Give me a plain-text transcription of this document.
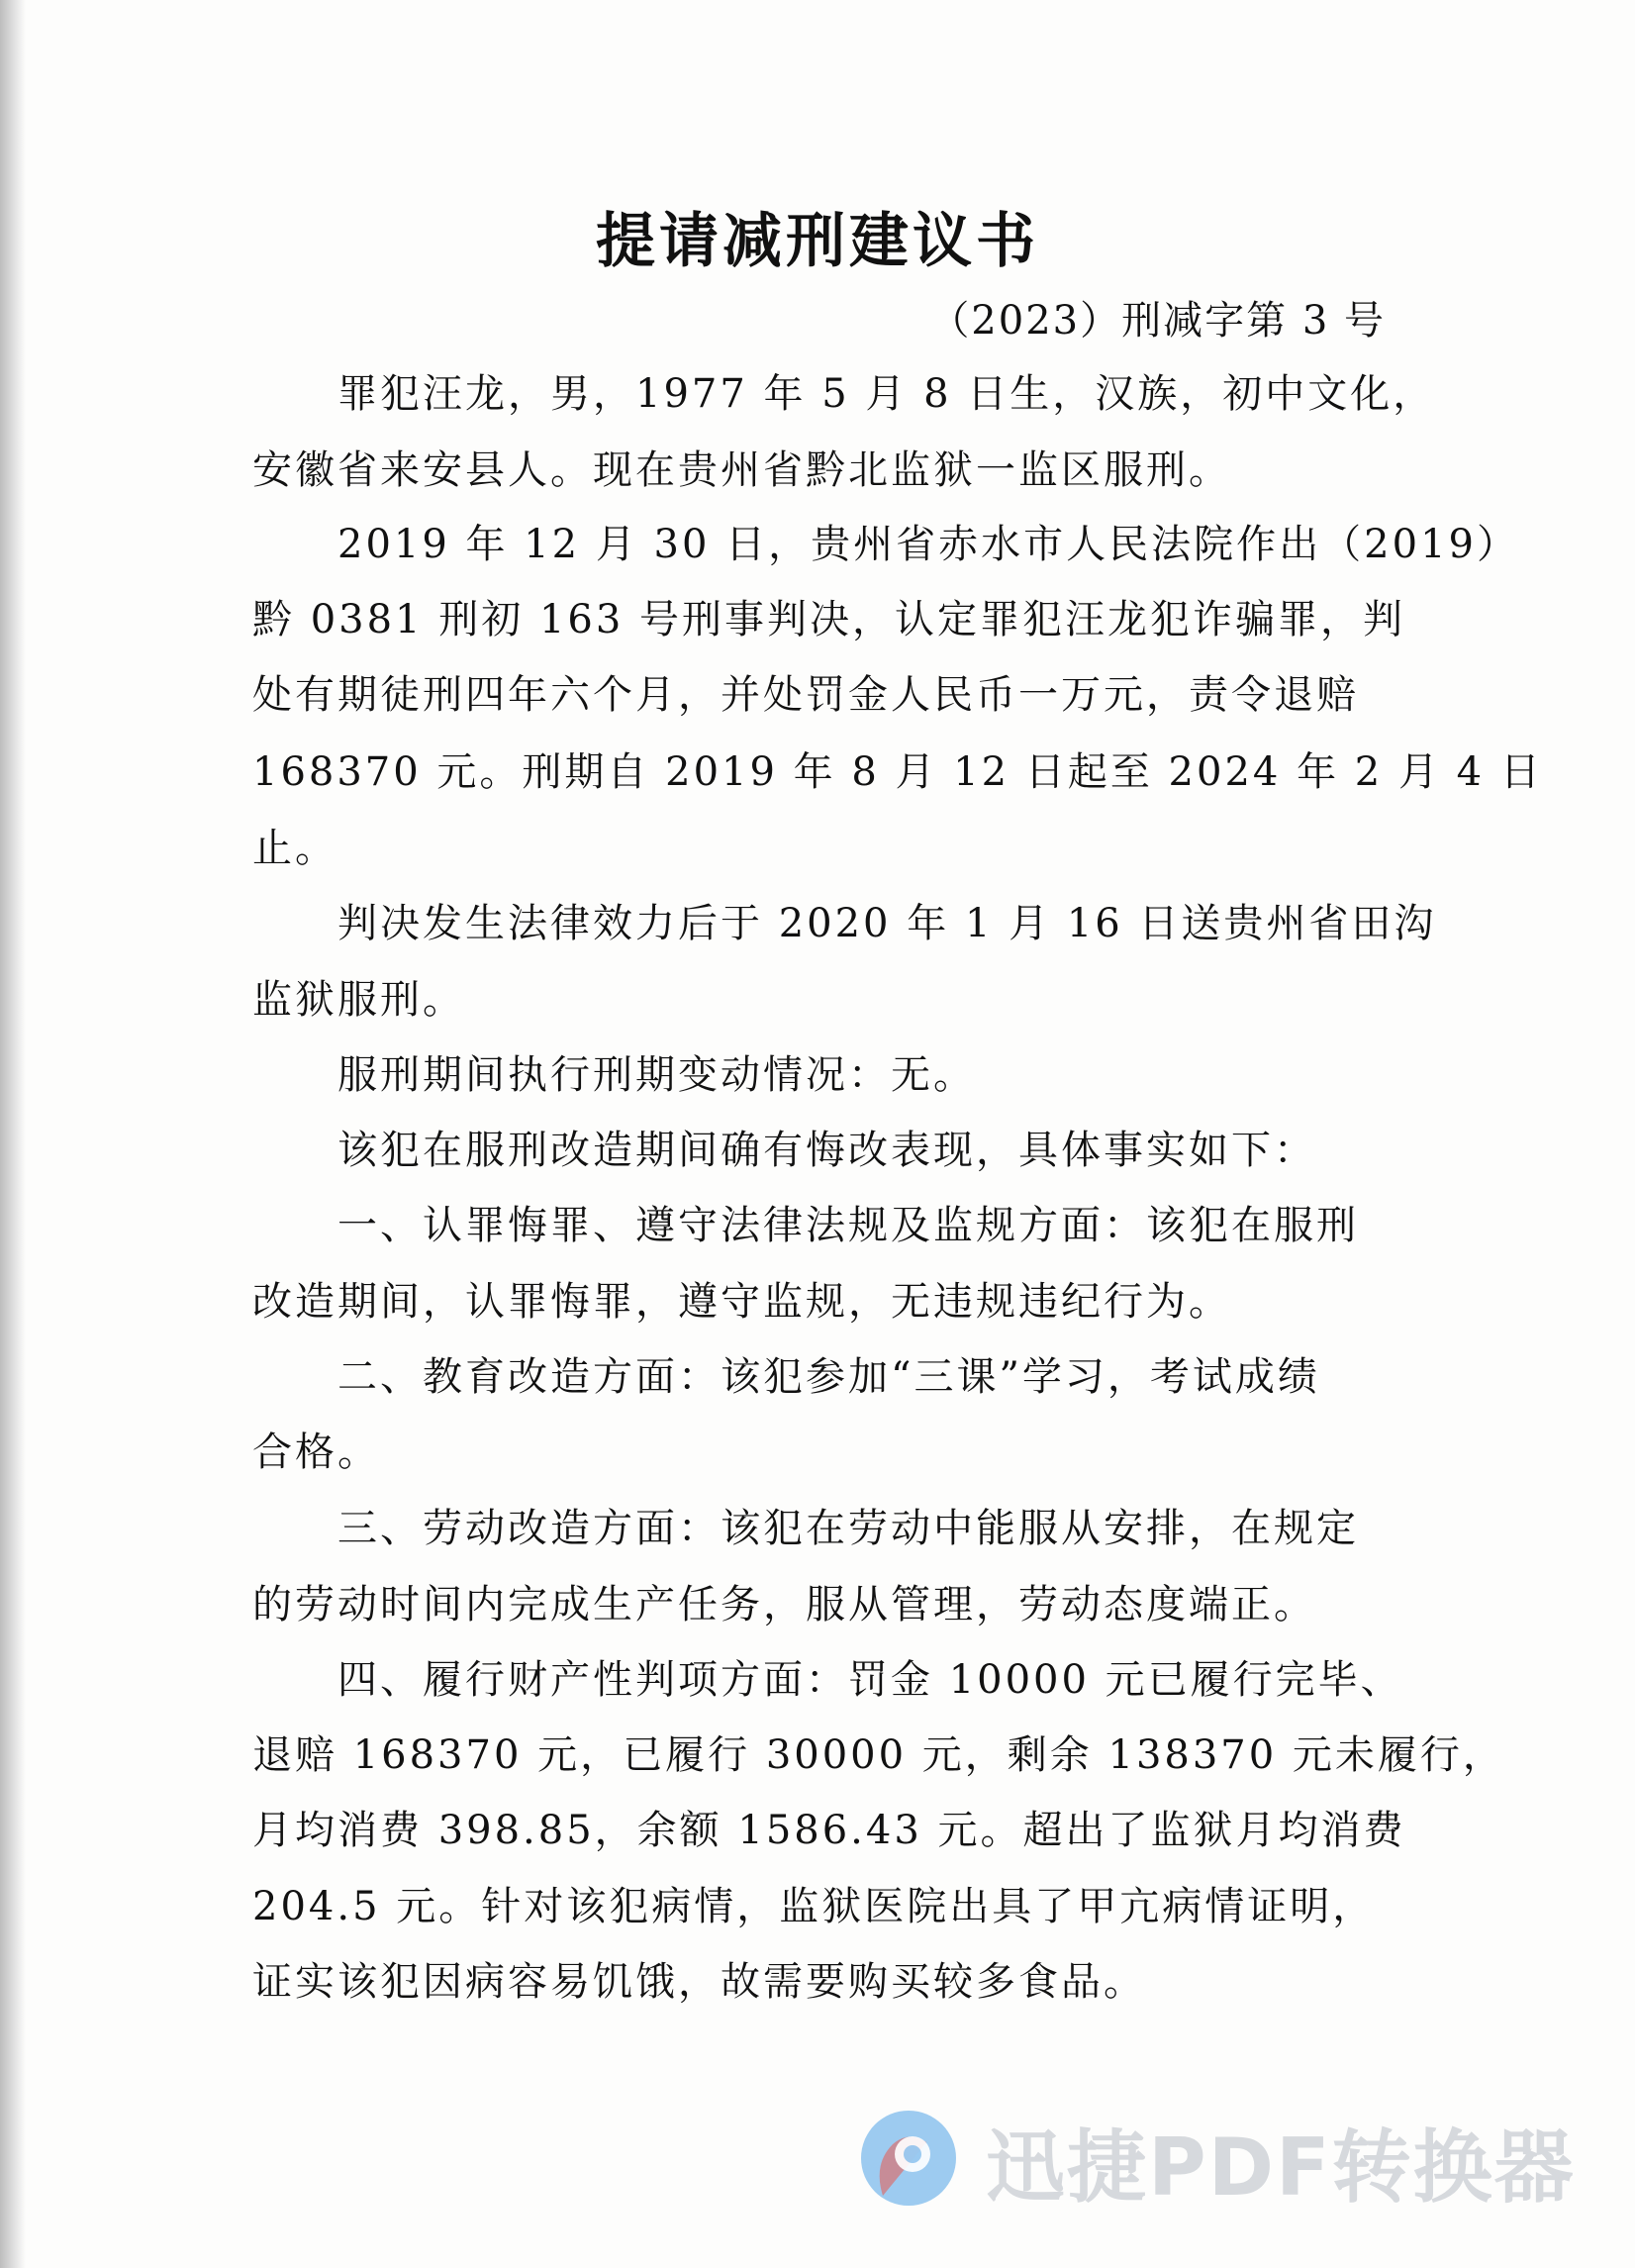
提请减刑建议书
（2023）刑减字第 3 号
罪犯汪龙，男，1977 年 5 月 8 日生，汉族，初中文化，
安徽省来安县人。现在贵州省黔北监狱一监区服刑。
2019 年 12 月 30 日，贵州省赤水市人民法院作出（2019）
黔 0381 刑初 163 号刑事判决，认定罪犯汪龙犯诈骗罪，判
处有期徒刑四年六个月，并处罚金人民币一万元，责令退赔
168370 元。刑期自 2019 年 8 月 12 日起至 2024 年 2 月 4 日
止。
判决发生法律效力后于 2020 年 1 月 16 日送贵州省田沟
监狱服刑。
服刑期间执行刑期变动情况：无。
该犯在服刑改造期间确有悔改表现，具体事实如下：
一、认罪悔罪、遵守法律法规及监规方面：该犯在服刑
改造期间，认罪悔罪，遵守监规，无违规违纪行为。
二、教育改造方面：该犯参加“三课”学习，考试成绩
合格。
三、劳动改造方面：该犯在劳动中能服从安排，在规定
的劳动时间内完成生产任务，服从管理，劳动态度端正。
四、履行财产性判项方面：罚金 10000 元已履行完毕、
退赔 168370 元，已履行 30000 元，剩余 138370 元未履行，
月均消费 398.85，余额 1586.43 元。超出了监狱月均消费
204.5 元。针对该犯病情，监狱医院出具了甲亢病情证明，
证实该犯因病容易饥饿，故需要购买较多食品。
迅捷PDF转换器
